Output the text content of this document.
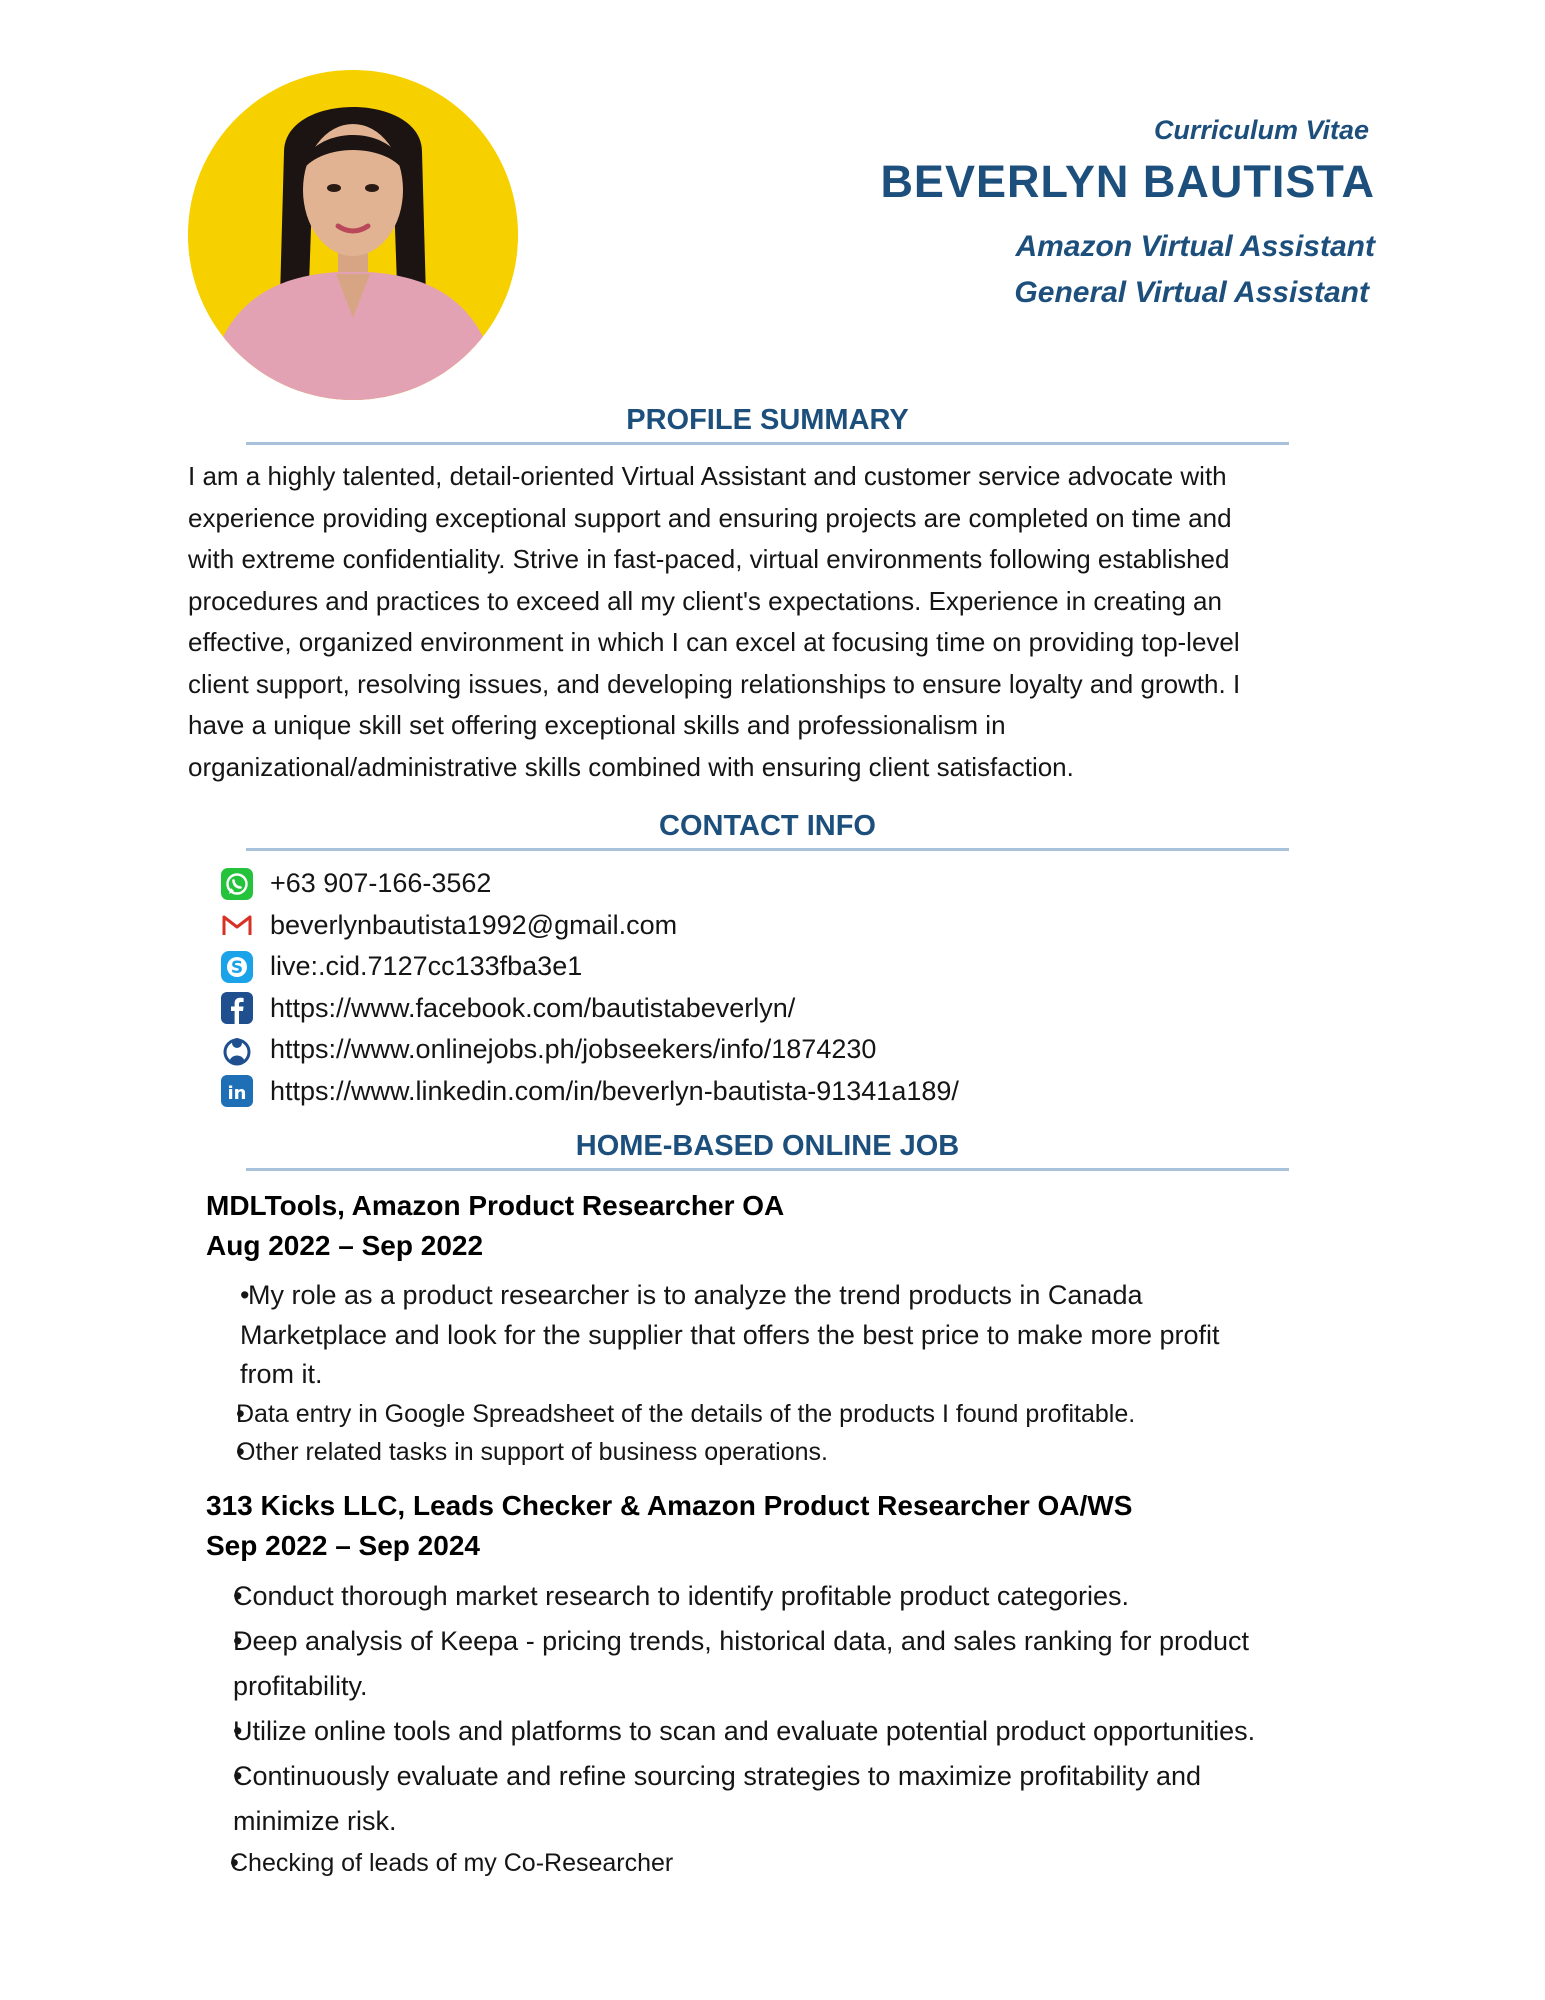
Curriculum Vitae
BEVERLYN BAUTISTA
Amazon Virtual Assistant
General Virtual Assistant
PROFILE SUMMARY
I am a highly talented, detail-oriented Virtual Assistant and customer service advocate with
experience providing exceptional support and ensuring projects are completed on time and
with extreme confidentiality. Strive in fast-paced, virtual environments following established
procedures and practices to exceed all my client's expectations. Experience in creating an
effective, organized environment in which I can excel at focusing time on providing top-level
client support, resolving issues, and developing relationships to ensure loyalty and growth. I
have a unique skill set offering exceptional skills and professionalism in
organizational/administrative skills combined with ensuring client satisfaction.
CONTACT INFO
+63 907-166-3562
beverlynbautista1992@gmail.com
S live:.cid.7127cc133fba3e1
https://www.facebook.com/bautistabeverlyn/
https://www.onlinejobs.ph/jobseekers/info/1874230
in https://www.linkedin.com/in/beverlyn-bautista-91341a189/
HOME-BASED ONLINE JOB
MDLTools, Amazon Product Researcher OA
Aug 2022 – Sep 2022
• My role as a product researcher is to analyze the trend products in Canada
Marketplace and look for the supplier that offers the best price to make more profit
from it.
• Data entry in Google Spreadsheet of the details of the products I found profitable.
• Other related tasks in support of business operations.
313 Kicks LLC, Leads Checker & Amazon Product Researcher OA/WS
Sep 2022 – Sep 2024
• Conduct thorough market research to identify profitable product categories.
• Deep analysis of Keepa - pricing trends, historical data, and sales ranking for product
profitability.
• Utilize online tools and platforms to scan and evaluate potential product opportunities.
• Continuously evaluate and refine sourcing strategies to maximize profitability and
minimize risk.
• Checking of leads of my Co-Researcher
